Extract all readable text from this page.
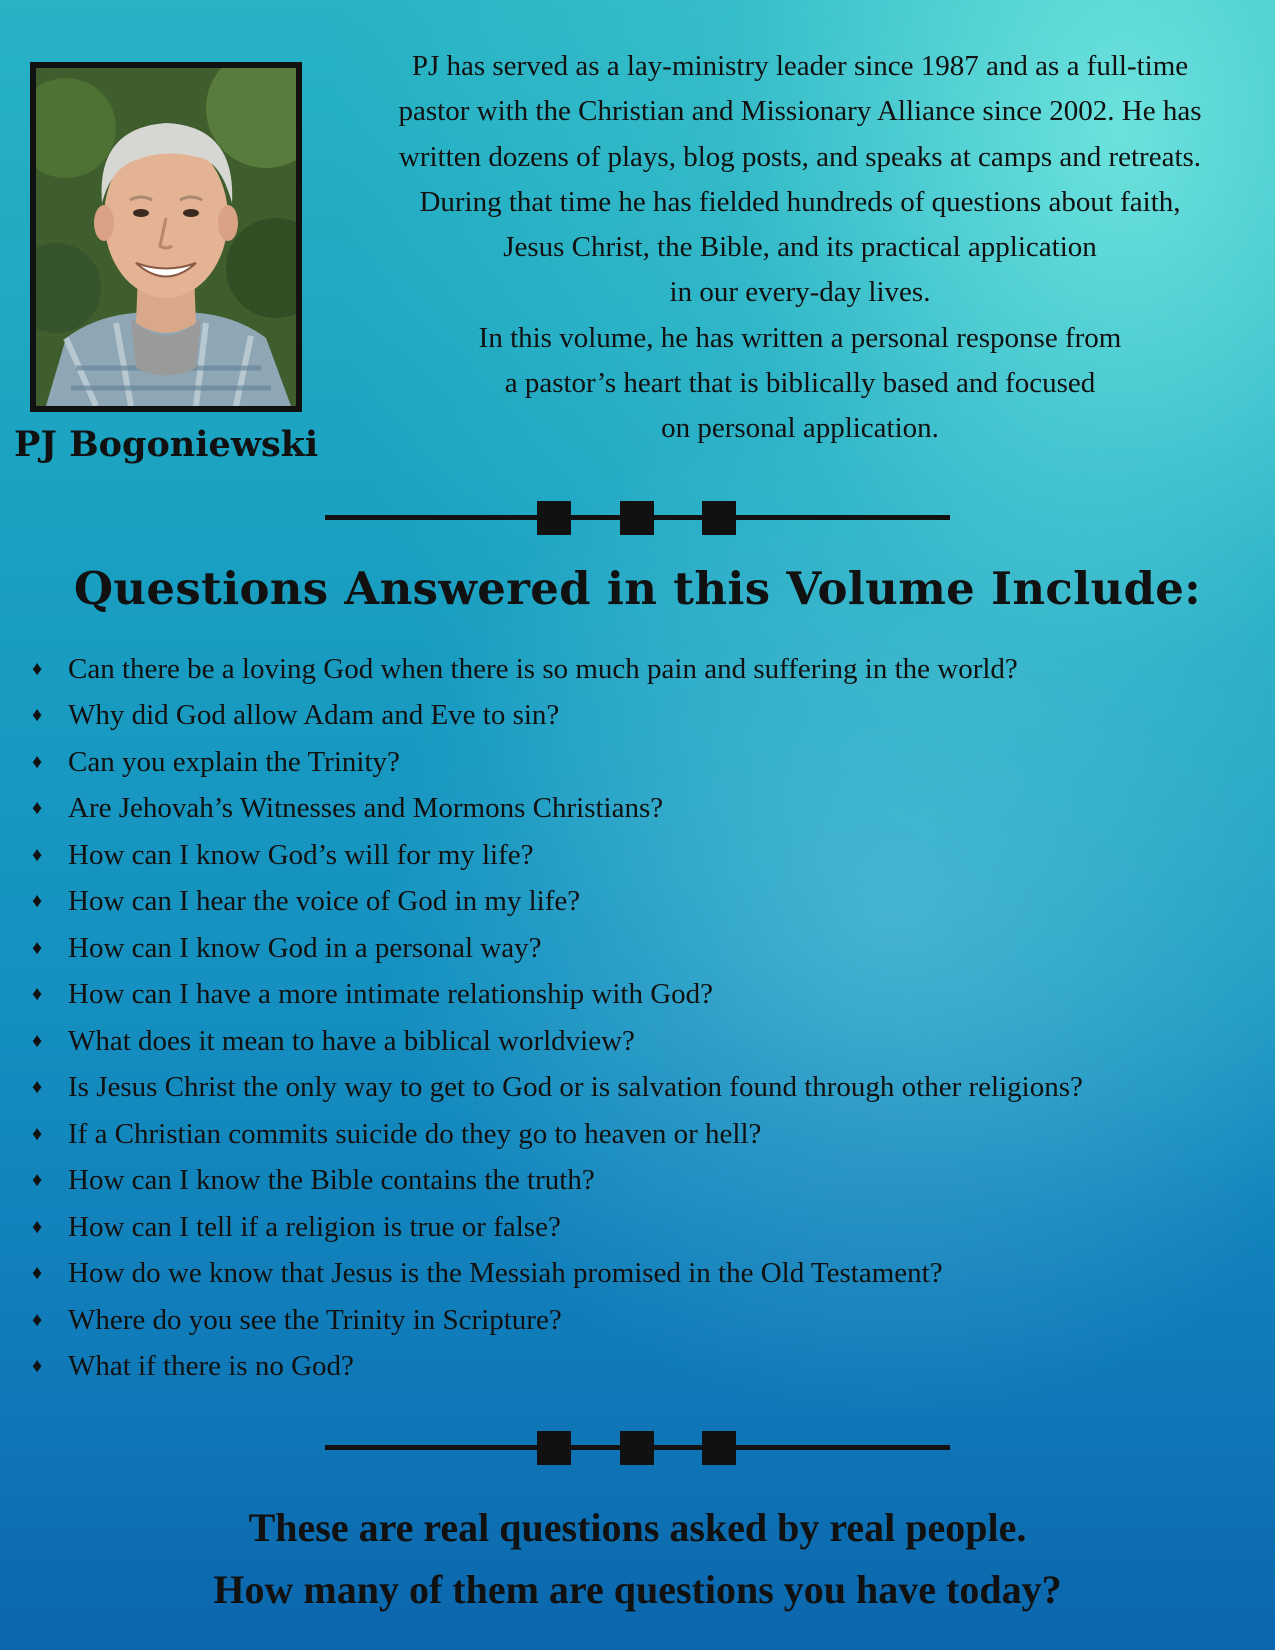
PJ Bogoniewski
PJ has served as a lay-ministry leader since 1987 and as a full-time
pastor with the Christian and Missionary Alliance since 2002. He has
written dozens of plays, blog posts, and speaks at camps and retreats.
During that time he has fielded hundreds of questions about faith,
Jesus Christ, the Bible, and its practical application
in our every-day lives.
In this volume, he has written a personal response from
a pastor’s heart that is biblically based and focused
on personal application.
Questions Answered in this Volume Include:
♦ Can there be a loving God when there is so much pain and suffering in the world?
♦ Why did God allow Adam and Eve to sin?
♦ Can you explain the Trinity?
♦ Are Jehovah’s Witnesses and Mormons Christians?
♦ How can I know God’s will for my life?
♦ How can I hear the voice of God in my life?
♦ How can I know God in a personal way?
♦ How can I have a more intimate relationship with God?
♦ What does it mean to have a biblical worldview?
♦ Is Jesus Christ the only way to get to God or is salvation found through other religions?
♦ If a Christian commits suicide do they go to heaven or hell?
♦ How can I know the Bible contains the truth?
♦ How can I tell if a religion is true or false?
♦ How do we know that Jesus is the Messiah promised in the Old Testament?
♦ Where do you see the Trinity in Scripture?
♦ What if there is no God?
These are real questions asked by real people.
How many of them are questions you have today?
